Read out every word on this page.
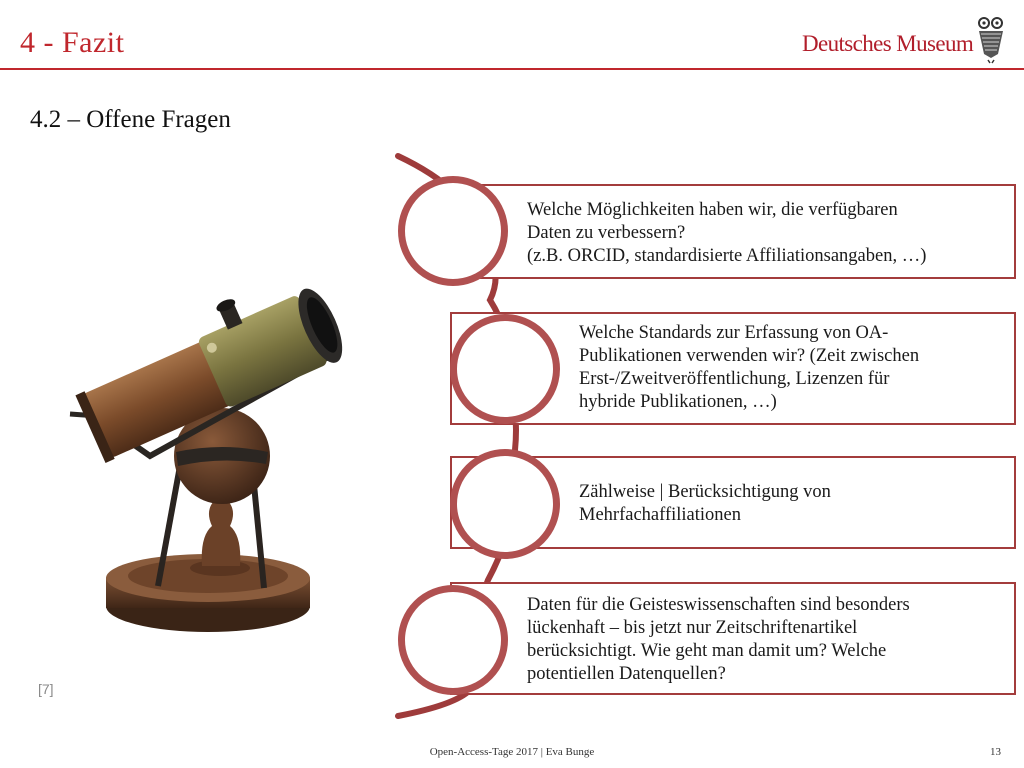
4 - Fazit	Deutsches Museum
4.2 – Offene Fragen
[7]
Welche Möglichkeiten haben wir, die verfügbaren
Daten zu verbessern?
(z.B. ORCID, standardisierte Affiliationsangaben, …)
Welche Standards zur Erfassung von OA-
Publikationen verwenden wir? (Zeit zwischen
Erst-/Zweitveröffentlichung, Lizenzen für
hybride Publikationen, …)
Zählweise | Berücksichtigung von
Mehrfachaffiliationen
Daten für die Geisteswissenschaften sind besonders
lückenhaft – bis jetzt nur Zeitschriftenartikel
berücksichtigt. Wie geht man damit um? Welche
potentiellen Datenquellen?
Open-Access-Tage 2017 | Eva Bunge	13
